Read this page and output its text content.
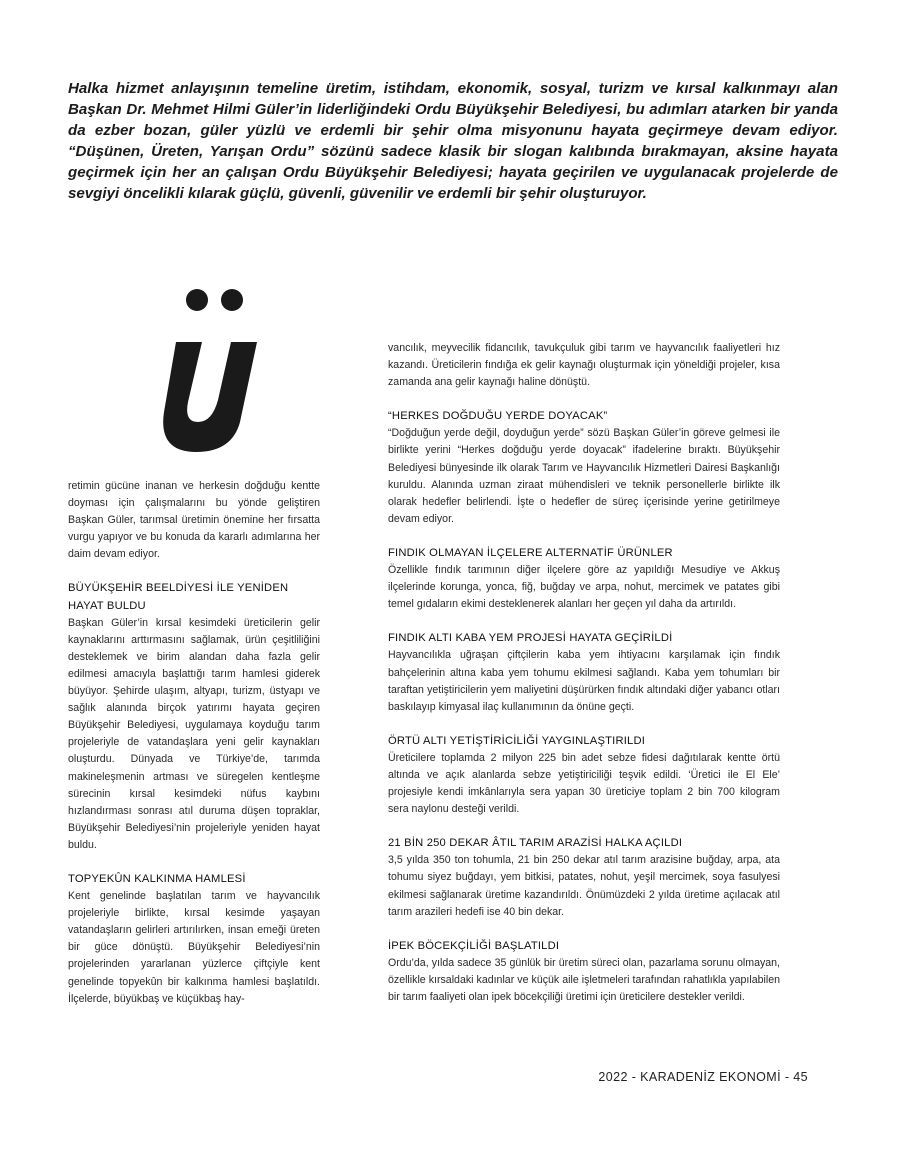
Halka hizmet anlayışının temeline üretim, istihdam, ekonomik, sosyal, turizm ve kırsal kalkınmayı alan Başkan Dr. Mehmet Hilmi Güler’in liderliğindeki Ordu Büyükşehir Belediyesi, bu adımları atarken bir yanda da ezber bozan, güler yüzlü ve erdemli bir şehir olma misyonunu hayata geçirmeye devam ediyor. “Düşünen, Üreten, Yarışan Ordu” sözünü sadece klasik bir slogan kalıbında bırakmayan, aksine hayata geçirmek için her an çalışan Ordu Büyükşehir Belediyesi; hayata geçirilen ve uygulanacak projelerde de sevgiyi öncelikli kılarak güçlü, güvenli, güvenilir ve erdemli bir şehir oluşturuyor.

retimin gücüne inanan ve herkesin doğduğu kentte doyması için çalışmalarını bu yönde geliştiren Başkan Güler, tarımsal üretimin önemine her fırsatta vurgu yapıyor ve bu konuda da kararlı adımlarına her daim devam ediyor.

BÜYÜKŞEHİR BEELDİYESİ İLE YENİDEN HAYAT BULDU

Başkan Güler’in kırsal kesimdeki üreticilerin gelir kaynaklarını arttırmasını sağlamak, ürün çeşitliliğini desteklemek ve birim alandan daha fazla gelir edilmesi amacıyla başlattığı tarım hamlesi giderek büyüyor. Şehirde ulaşım, altyapı, turizm, üstyapı ve sağlık alanında birçok yatırımı hayata geçiren Büyükşehir Belediyesi, uygulamaya koyduğu tarım projeleriyle de vatandaşlara yeni gelir kaynakları oluşturdu. Dünyada ve Türkiye’de, tarımda makineleşmenin artması ve süregelen kentleşme sürecinin kırsal kesimdeki nüfus kaybını hızlandırması sonrası atıl duruma düşen topraklar, Büyükşehir Belediyesi’nin projeleriyle yeniden hayat buldu.

TOPYEKÛN KALKINMA HAMLESİ

Kent genelinde başlatılan tarım ve hayvancılık projeleriyle birlikte, kırsal kesimde yaşayan vatandaşların gelirleri artırılırken, insan emeği üreten bir güce dönüştü. Büyükşehir Belediyesi’nin projelerinden yararlanan yüzlerce çiftçiyle kent genelinde topyekûn bir kalkınma hamlesi başlatıldı. İlçelerde, büyükbaş ve küçükbaş hay-

vancılık, meyvecilik fidancılık, tavukçuluk gibi tarım ve hayvancılık faaliyetleri hız kazandı. Üreticilerin fındığa ek gelir kaynağı oluşturmak için yöneldiği projeler, kısa zamanda ana gelir kaynağı haline dönüştü.

“HERKES DOĞDUĞU YERDE DOYACAK”

“Doğduğun yerde değil, doyduğun yerde” sözü Başkan Güler’in göreve gelmesi ile birlikte yerini “Herkes doğduğu yerde doyacak” ifadelerine bıraktı. Büyükşehir Belediyesi bünyesinde ilk olarak Tarım ve Hayvancılık Hizmetleri Dairesi Başkanlığı kuruldu. Alanında uzman ziraat mühendisleri ve teknik personellerle birlikte ilk olarak hedefler belirlendi. İşte o hedefler de süreç içerisinde yerine getirilmeye devam ediyor.

FINDIK OLMAYAN İLÇELERE ALTERNATİF ÜRÜNLER

Özellikle fındık tarımının diğer ilçelere göre az yapıldığı Mesudiye ve Akkuş ilçelerinde korunga, yonca, fiğ, buğday ve arpa, nohut, mercimek ve patates gibi temel gıdaların ekimi desteklenerek alanları her geçen yıl daha da artırıldı.

FINDIK ALTI KABA YEM PROJESİ HAYATA GEÇİRİLDİ

Hayvancılıkla uğraşan çiftçilerin kaba yem ihtiyacını karşılamak için fındık bahçelerinin altına kaba yem tohumu ekilmesi sağlandı. Kaba yem tohumları bir taraftan yetiştiricilerin yem maliyetini düşürürken fındık altındaki diğer yabancı otları baskılayıp kimyasal ilaç kullanımının da önüne geçti.

ÖRTÜ ALTI YETİŞTİRİCİLİĞİ YAYGINLAŞTIRILDI

Üreticilere toplamda 2 milyon 225 bin adet sebze fidesi dağıtılarak kentte örtü altında ve açık alanlarda sebze yetiştiriciliği teşvik edildi. ‘Üretici ile El Ele’ projesiyle kendi imkânlarıyla sera yapan 30 üreticiye toplam 2 bin 700 kilogram sera naylonu desteği verildi.

21 BİN 250 DEKAR ÂTIL TARIM ARAZİSİ HALKA AÇILDI

3,5 yılda 350 ton tohumla, 21 bin 250 dekar atıl tarım arazisine buğday, arpa, ata tohumu siyez buğdayı, yem bitkisi, patates, nohut, yeşil mercimek, soya fasulyesi ekilmesi sağlanarak üretime kazandırıldı. Önümüzdeki 2 yılda üretime açılacak atıl tarım arazileri hedefi ise 40 bin dekar.

İPEK BÖCEKÇİLİĞİ BAŞLATILDI

Ordu’da, yılda sadece 35 günlük bir üretim süreci olan, pazarlama sorunu olmayan, özellikle kırsaldaki kadınlar ve küçük aile işletmeleri tarafından rahatlıkla yapılabilen bir tarım faaliyeti olan ipek böcekçiliği üretimi için üreticilere destekler verildi.

2022 - KARADENİZ EKONOMİ - 45
